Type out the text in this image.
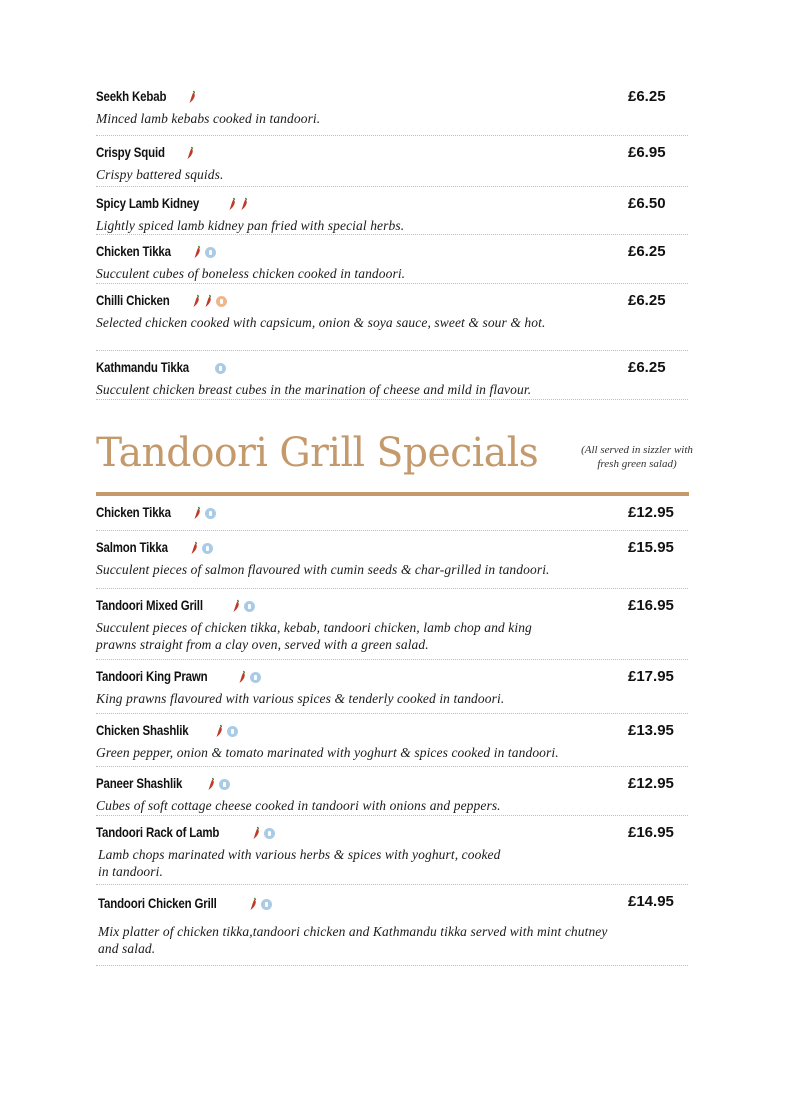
Seekh Kebab	£6.25
Minced lamb kebabs cooked in tandoori.
Crispy Squid	£6.95
Crispy battered squids.
Spicy Lamb Kidney	£6.50
Lightly spiced lamb kidney pan fried with special herbs.
Chicken Tikka	£6.25
Succulent cubes of boneless chicken cooked in tandoori.
Chilli Chicken	£6.25
Selected chicken cooked with capsicum, onion & soya sauce, sweet & sour & hot.
Kathmandu Tikka	£6.25
Succulent chicken breast cubes in the marination of cheese and mild in flavour.
Tandoori Grill Specials	(All served in sizzler with fresh green salad)
Chicken Tikka	£12.95
Salmon Tikka	£15.95
Succulent pieces of salmon flavoured with cumin seeds & char-grilled in tandoori.
Tandoori Mixed Grill	£16.95
Succulent pieces of chicken tikka, kebab, tandoori chicken, lamb chop and king prawns straight from a clay oven, served with a green salad.
Tandoori King Prawn	£17.95
King prawns flavoured with various spices & tenderly cooked in tandoori.
Chicken Shashlik	£13.95
Green pepper, onion & tomato marinated with yoghurt & spices cooked in tandoori.
Paneer Shashlik	£12.95
Cubes of soft cottage cheese cooked in tandoori with onions and peppers.
Tandoori Rack of Lamb	£16.95
Lamb chops marinated with various herbs & spices with yoghurt, cooked in tandoori.
Tandoori Chicken Grill	£14.95
Mix platter of chicken tikka,tandoori chicken and Kathmandu tikka served with mint chutney and salad.
